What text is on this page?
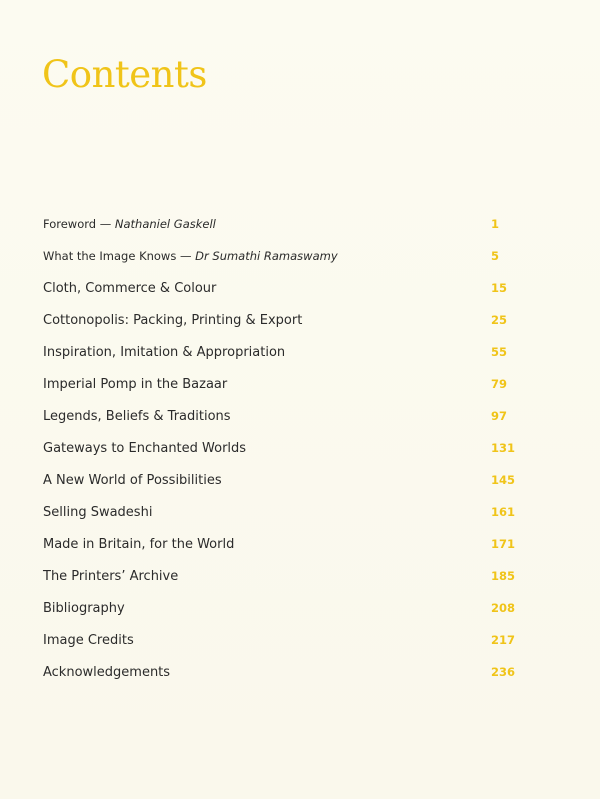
Contents
Foreword — Nathaniel Gaskell	1
What the Image Knows — Dr Sumathi Ramaswamy	5
Cloth, Commerce & Colour	15
Cottonopolis: Packing, Printing & Export	25
Inspiration, Imitation & Appropriation	55
Imperial Pomp in the Bazaar	79
Legends, Beliefs & Traditions	97
Gateways to Enchanted Worlds	131
A New World of Possibilities	145
Selling Swadeshi	161
Made in Britain, for the World	171
The Printers’ Archive	185
Bibliography	208
Image Credits	217
Acknowledgements	236
